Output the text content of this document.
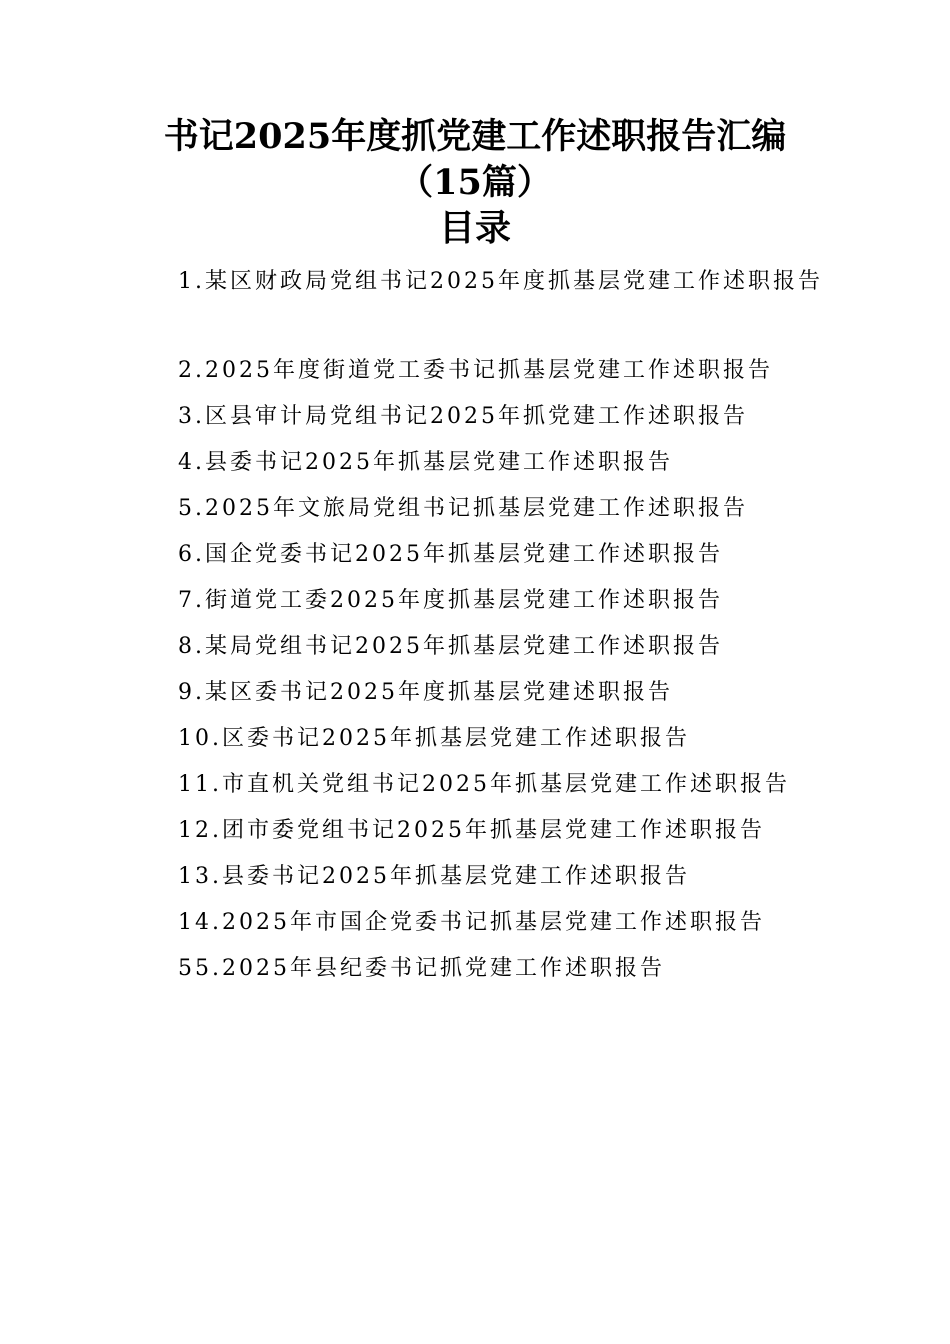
书记2025年度抓党建工作述职报告汇编
（15篇）
目录
1.某区财政局党组书记2025年度抓基层党建工作述职报告
2.2025年度街道党工委书记抓基层党建工作述职报告
3.区县审计局党组书记2025年抓党建工作述职报告
4.县委书记2025年抓基层党建工作述职报告
5.2025年文旅局党组书记抓基层党建工作述职报告
6.国企党委书记2025年抓基层党建工作述职报告
7.街道党工委2025年度抓基层党建工作述职报告
8.某局党组书记2025年抓基层党建工作述职报告
9.某区委书记2025年度抓基层党建述职报告
10.区委书记2025年抓基层党建工作述职报告
11.市直机关党组书记2025年抓基层党建工作述职报告
12.团市委党组书记2025年抓基层党建工作述职报告
13.县委书记2025年抓基层党建工作述职报告
14.2025年市国企党委书记抓基层党建工作述职报告
55.2025年县纪委书记抓党建工作述职报告
